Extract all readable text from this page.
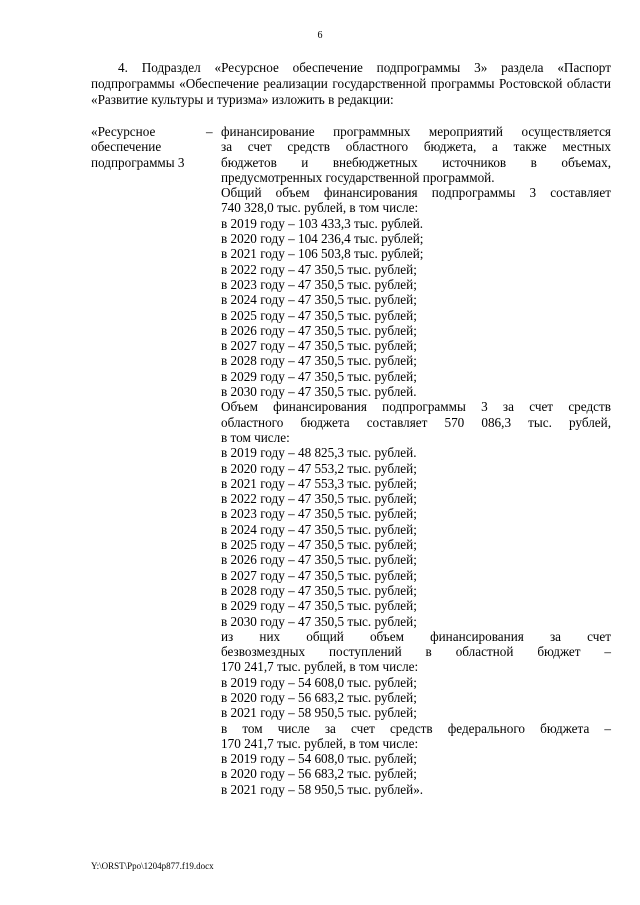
6

4. Подраздел «Ресурсное обеспечение подпрограммы 3» раздела «Паспорт подпрограммы «Обеспечение реализации государственной программы Ростовской области «Развитие культуры и туризма» изложить в редакции:

«Ресурсное
обеспечение
подпрограммы 3
– финансирование программных мероприятий осуществляется
за счет средств областного бюджета, а также местных
бюджетов и внебюджетных источников в объемах,
предусмотренных государственной программой.
Общий объем финансирования подпрограммы 3 составляет
740 328,0 тыс. рублей, в том числе:
в 2019 году – 103 433,3 тыс. рублей.
в 2020 году – 104 236,4 тыс. рублей;
в 2021 году – 106 503,8 тыс. рублей;
в 2022 году – 47 350,5 тыс. рублей;
в 2023 году – 47 350,5 тыс. рублей;
в 2024 году – 47 350,5 тыс. рублей;
в 2025 году – 47 350,5 тыс. рублей;
в 2026 году – 47 350,5 тыс. рублей;
в 2027 году – 47 350,5 тыс. рублей;
в 2028 году – 47 350,5 тыс. рублей;
в 2029 году – 47 350,5 тыс. рублей;
в 2030 году – 47 350,5 тыс. рублей.
Объем финансирования подпрограммы 3 за счет средств
областного бюджета составляет 570 086,3 тыс. рублей,
в том числе:
в 2019 году – 48 825,3 тыс. рублей.
в 2020 году – 47 553,2 тыс. рублей;
в 2021 году – 47 553,3 тыс. рублей;
в 2022 году – 47 350,5 тыс. рублей;
в 2023 году – 47 350,5 тыс. рублей;
в 2024 году – 47 350,5 тыс. рублей;
в 2025 году – 47 350,5 тыс. рублей;
в 2026 году – 47 350,5 тыс. рублей;
в 2027 году – 47 350,5 тыс. рублей;
в 2028 году – 47 350,5 тыс. рублей;
в 2029 году – 47 350,5 тыс. рублей;
в 2030 году – 47 350,5 тыс. рублей;
из них общий объем финансирования за счет
безвозмездных поступлений в областной бюджет –
170 241,7 тыс. рублей, в том числе:
в 2019 году – 54 608,0 тыс. рублей;
в 2020 году – 56 683,2 тыс. рублей;
в 2021 году – 58 950,5 тыс. рублей;
в том числе за счет средств федерального бюджета –
170 241,7 тыс. рублей, в том числе:
в 2019 году – 54 608,0 тыс. рублей;
в 2020 году – 56 683,2 тыс. рублей;
в 2021 году – 58 950,5 тыс. рублей».
Y:\ORST\Ppo\1204p877.f19.docx
